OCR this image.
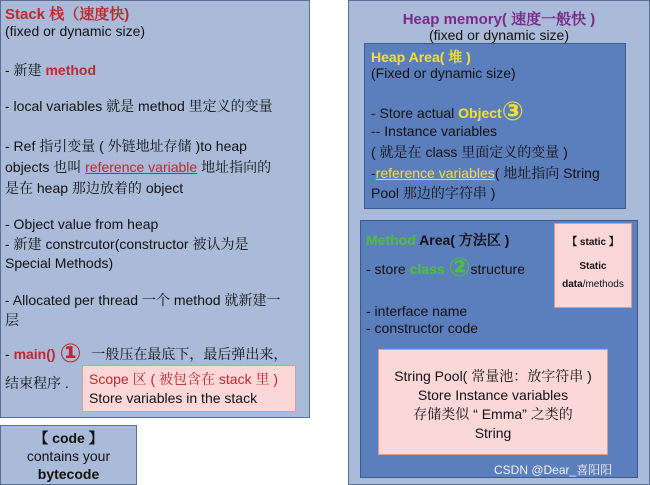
Stack 栈（速度快)
(fixed or dynamic size)
- 新建 method
- local variables 就是 method 里定义的变量
- Ref 指引变量 ( 外链地址存储 )to heap
objects 也叫 reference variable 地址指向的
是在 heap 那边放着的 object
- Object value from heap
- 新建 constrcutor(constructor 被认为是
Special Methods)
- Allocated per thread 一个 method 就新建一
层
- main() ① 一般压在最底下，最后弹出来，
结束程序 . Scope 区 ( 被包含在 stack 里 )
Store variables in the stack
【 code 】
contains your
bytecode
Heap memory( 速度一般快 )
(fixed or dynamic size)
Heap Area( 堆 )
(Fixed or dynamic size)
- Store actual Object③
-- Instance variables
( 就是在 class 里面定义的变量 )
-reference variables( 地址指向 String
Pool 那边的字符串 )
Method Area( 方法区 )
- store class ②structure
- interface name
- constructor code
【 static 】
Static
data/methods
String Pool( 常量池：放字符串 )
Store Instance variables
存储类似 “ Emma” 之类的
String
CSDN @Dear_喜阳阳
